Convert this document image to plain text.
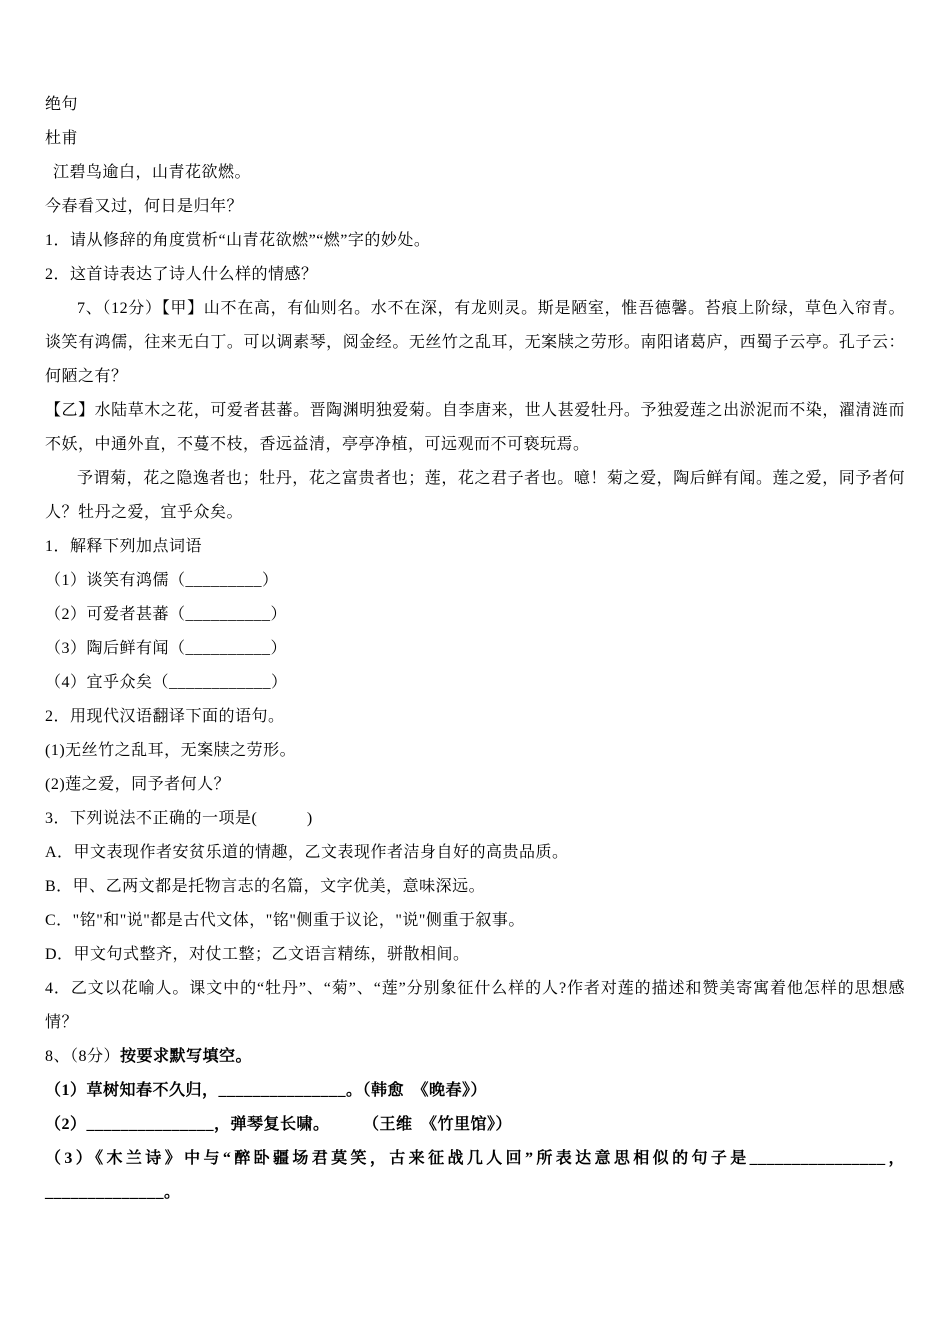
绝句

杜甫

江碧鸟逾白，山青花欲燃。

今春看又过，何日是归年？

1．请从修辞的角度赏析“山青花欲燃”“燃”字的妙处。

2．这首诗表达了诗人什么样的情感？

7、（12分）【甲】山不在高，有仙则名。水不在深，有龙则灵。斯是陋室，惟吾德馨。苔痕上阶绿，草色入帘青。谈笑有鸿儒，往来无白丁。可以调素琴，阅金经。无丝竹之乱耳，无案牍之劳形。南阳诸葛庐，西蜀子云亭。孔子云：何陋之有？

【乙】水陆草木之花，可爱者甚蕃。晋陶渊明独爱菊。自李唐来，世人甚爱牡丹。予独爱莲之出淤泥而不染，濯清涟而不妖，中通外直，不蔓不枝，香远益清，亭亭净植，可远观而不可亵玩焉。

予谓菊，花之隐逸者也；牡丹，花之富贵者也；莲，花之君子者也。噫！菊之爱，陶后鲜有闻。莲之爱，同予者何人？牡丹之爱，宜乎众矣。

1．解释下列加点词语

（1）谈笑有鸿儒（_________）

（2）可爱者甚蕃（__________）

（3）陶后鲜有闻（__________）

（4）宜乎众矣（____________）

2．用现代汉语翻译下面的语句。

(1)无丝竹之乱耳，无案牍之劳形。

(2)莲之爱，同予者何人？

3．下列说法不正确的一项是(　　　)

A．甲文表现作者安贫乐道的情趣，乙文表现作者洁身自好的高贵品质。

B．甲、乙两文都是托物言志的名篇，文字优美，意味深远。

C．"铭"和"说"都是古代文体，"铭"侧重于议论，"说"侧重于叙事。

D．甲文句式整齐，对仗工整；乙文语言精练，骈散相间。

4．乙文以花喻人。课文中的“牡丹”、“菊”、“莲”分别象征什么样的人?作者对莲的描述和赞美寄寓着他怎样的思想感情？

8、（8分）按要求默写填空。

（1）草树知春不久归，_______________。（韩愈　《晚春》）

（2）_______________，弹琴复长啸。　　　（王维　《竹里馆》）

（3）《木兰诗》中与“醉卧疆场君莫笑，古来征战几人回”所表达意思相似的句子是________________，______________。
